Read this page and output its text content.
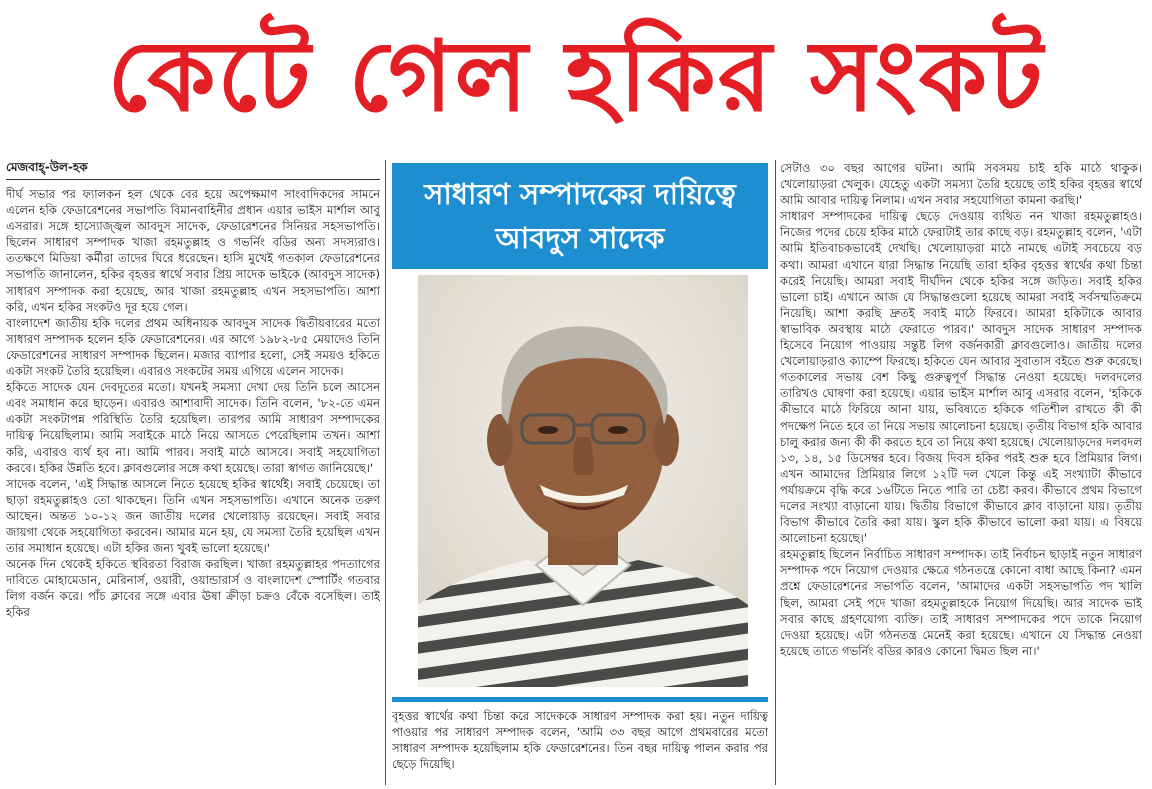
কেটে গেল হকির সংকট
মেজবাহ্-উল-হক

দীর্ঘ সভার পর ফ্যালকন হল থেকে বের হয়ে অপেক্ষমাণ সাংবাদিকদের সামনে এলেন হকি ফেডারেশনের সভাপতি বিমানবাহিনীর প্রধান এয়ার ভাইস মার্শাল আবু এসরার। সঙ্গে হাস্যোজ্জ্বল আবদুস সাদেক, ফেডারেশনের সিনিয়র সহসভাপতি। ছিলেন সাধারণ সম্পাদক খাজা রহমতুল্লাহ ও গভর্নিং বডির অন্য সদস্যরাও। ততক্ষণে মিডিয়া কর্মীরা তাদের ঘিরে ধরেছেন। হাসি মুখেই গতকাল ফেডারেশনের সভাপতি জানালেন, হকির বৃহত্তর স্বার্থে সবার প্রিয় সাদেক ভাইকে (আবদুস সাদেক) সাধারণ সম্পাদক করা হয়েছে, আর খাজা রহমতুল্লাহ এখন সহসভাপতি। আশা করি, এখন হকির সংকটও দূর হয়ে গেল।

বাংলাদেশ জাতীয় হকি দলের প্রথম অধিনায়ক আবদুস সাদেক দ্বিতীয়বারের মতো সাধারণ সম্পাদক হলেন হকি ফেডারেশনের। এর আগে ১৯৮২-৮৫ মেয়াদেও তিনি ফেডারেশনের সাধারণ সম্পাদক ছিলেন। মজার ব্যাপার হলো, সেই সময়ও হকিতে একটা সংকট তৈরি হয়েছিল। এবারও সংকটের সময় এগিয়ে এলেন সাদেক।

হকিতে সাদেক যেন দেবদূতের মতো। যখনই সমস্যা দেখা দেয় তিনি চলে আসেন এবং সমাধান করে ছাড়েন। এবারও আশাবাদী সাদেক। তিনি বলেন, '৮২-তে এমন একটা সংকটাপন্ন পরিস্থিতি তৈরি হয়েছিল। তারপর আমি সাধারণ সম্পাদকের দায়িত্ব নিয়েছিলাম। আমি সবাইকে মাঠে নিয়ে আসতে পেরেছিলাম তখন। আশা করি, এবারও ব্যর্থ হব না। আমি পারব। সবাই মাঠে আসবে। সবাই সহযোগিতা করবে। হকির উন্নতি হবে। ক্লাবগুলোর সঙ্গে কথা হয়েছে। তারা স্বাগত জানিয়েছে।'

সাদেক বলেন, 'এই সিদ্ধান্ত আসলে নিতে হয়েছে হকির স্বার্থেই। সবাই চেয়েছে। তা ছাড়া রহমতুল্লাহও তো থাকছেন। তিনি এখন সহসভাপতি। এখানে অনেক তরুণ আছেন। অন্তত ১০-১২ জন জাতীয় দলের খেলোয়াড় রয়েছেন। সবাই সবার জায়গা থেকে সহযোগিতা করবেন। আমার মনে হয়, যে সমস্যা তৈরি হয়েছিল এখন তার সমাধান হয়েছে। এটা হকির জন্য খুবই ভালো হয়েছে।'

অনেক দিন থেকেই হকিতে স্থবিরতা বিরাজ করছিল। খাজা রহমতুল্লাহর পদত্যাগের দাবিতে মোহামেডান, মেরিনার্স, ওয়ারী, ওয়ান্ডারার্স ও বাংলাদেশ স্পোর্টিং গতবার লিগ বর্জন করে। পাঁচ ক্লাবের সঙ্গে এবার ঊষা ক্রীড়া চক্রও বেঁকে বসেছিল। তাই হকির

সাধারণ সম্পাদকের দায়িত্বে
আবদুস সাদেক
বৃহত্তর স্বার্থের কথা চিন্তা করে সাদেককে সাধারণ সম্পাদক করা হয়। নতুন দায়িত্ব পাওয়ার পর সাধারণ সম্পাদক বলেন, 'আমি ৩৩ বছর আগে প্রথমবারের মতো সাধারণ সম্পাদক হয়েছিলাম হকি ফেডারেশনের। তিন বছর দায়িত্ব পালন করার পর ছেড়ে দিয়েছি।

সেটাও ৩০ বছর আগের ঘটনা। আমি সবসময় চাই হকি মাঠে থাকুক। খেলোয়াড়রা খেলুক। যেহেতু একটা সমস্যা তৈরি হয়েছে তাই হকির বৃহত্তর স্বার্থে আমি আবার দায়িত্ব নিলাম। এখন সবার সহযোগিতা কামনা করছি।'

সাধারণ সম্পাদকের দায়িত্ব ছেড়ে দেওয়ায় ব্যথিত নন খাজা রহমতুল্লাহও। নিজের পদের চেয়ে হকির মাঠে ফেরাটাই তার কাছে বড়। রহমতুল্লাহ বলেন, 'এটা আমি ইতিবাচকভাবেই দেখছি। খেলোয়াড়রা মাঠে নামছে এটাই সবচেয়ে বড় কথা। আমরা এখানে যারা সিদ্ধান্ত নিয়েছি তারা হকির বৃহত্তর স্বার্থের কথা চিন্তা করেই নিয়েছি। আমরা সবাই দীর্ঘদিন থেকে হকির সঙ্গে জড়িত। সবাই হকির ভালো চাই। এখানে আজ যে সিদ্ধান্তগুলো হয়েছে আমরা সবাই সর্বসম্মতিক্রমে নিয়েছি। আশা করছি দ্রুতই সবাই মাঠে ফিরবে। আমরা হকিটাকে আবার স্বাভাবিক অবস্থায় মাঠে ফেরাতে পারব।' আবদুস সাদেক সাধারণ সম্পাদক হিসেবে নিয়োগ পাওয়ায় সন্তুষ্ট লিগ বর্জনকারী ক্লাবগুলোও। জাতীয় দলের খেলোয়াড়রাও ক্যাম্পে ফিরছে। হকিতে যেন আবার সুবাতাস বইতে শুরু করেছে। গতকালের সভায় বেশ কিছু গুরুত্বপূর্ণ সিদ্ধান্ত নেওয়া হয়েছে। দলবদলের তারিখও ঘোষণা করা হয়েছে। এয়ার ভাইস মার্শাল আবু এসরার বলেন, 'হকিকে কীভাবে মাঠে ফিরিয়ে আনা যায়, ভবিষ্যতে হকিকে গতিশীল রাখতে কী কী পদক্ষেপ নিতে হবে তা নিয়ে সভায় আলোচনা হয়েছে। তৃতীয় বিভাগ হকি আবার চালু করার জন্য কী কী করতে হবে তা নিয়ে কথা হয়েছে। খেলোয়াড়দের দলবদল ১৩, ১৪, ১৫ ডিসেম্বর হবে। বিজয় দিবস হকির পরই শুরু হবে প্রিমিয়ার লিগ। এখন আমাদের প্রিমিয়ার লিগে ১২টি দল খেলে কিন্তু এই সংখ্যাটা কীভাবে পর্যায়ক্রমে বৃদ্ধি করে ১৬টিতে নিতে পারি তা চেষ্টা করব। কীভাবে প্রথম বিভাগে দলের সংখ্যা বাড়ানো যায়। দ্বিতীয় বিভাগে কীভাবে ক্লাব বাড়ানো যায়। তৃতীয় বিভাগ কীভাবে তৈরি করা যায়। স্কুল হকি কীভাবে ভালো করা যায়। এ বিষয়ে আলোচনা হয়েছে।'

রহমতুল্লাহ ছিলেন নির্বাচিত সাধারণ সম্পাদক। তাই নির্বাচন ছাড়াই নতুন সাধারণ সম্পাদক পদে নিয়োগ দেওয়ার ক্ষেত্রে গঠনতন্ত্রে কোনো বাধা আছে কিনা? এমন প্রশ্নে ফেডারেশনের সভাপতি বলেন, 'আমাদের একটা সহসভাপতি পদ খালি ছিল, আমরা সেই পদে খাজা রহমতুল্লাহকে নিয়োগ দিয়েছি। আর সাদেক ভাই সবার কাছে গ্রহণযোগ্য ব্যক্তি। তাই সাধারণ সম্পাদকের পদে তাকে নিয়োগ দেওয়া হয়েছে। এটা গঠনতন্ত্র মেনেই করা হয়েছে। এখানে যে সিদ্ধান্ত নেওয়া হয়েছে তাতে গভর্নিং বডির কারও কোনো দ্বিমত ছিল না।'
